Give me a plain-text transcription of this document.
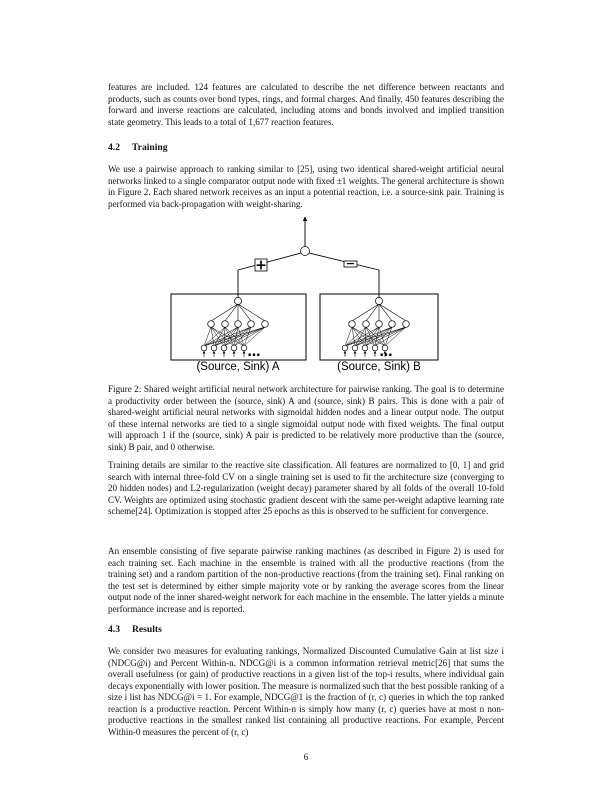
features are included. 124 features are calculated to describe the net difference between reactants and products, such as counts over bond types, rings, and formal charges. And finally, 450 features describing the forward and inverse reactions are calculated, including atoms and bonds involved and implied transition state geometry. This leads to a total of 1,677 reaction features.

4.2 Training

We use a pairwise approach to ranking similar to [25], using two identical shared-weight artificial neural networks linked to a single comparator output node with fixed ±1 weights. The general architecture is shown in Figure 2. Each shared network receives as an input a potential reaction, i.e. a source-sink pair. Training is performed via back-propagation with weight-sharing.

+	−
…	…
(Source, Sink) A	(Source, Sink) B

Figure 2: Shared weight artificial neural network architecture for pairwise ranking. The goal is to determine a productivity order between the (source, sink) A and (source, sink) B pairs. This is done with a pair of shared-weight artificial neural networks with sigmoidal hidden nodes and a linear output node. The output of these internal networks are tied to a single sigmoidal output node with fixed weights. The final output will approach 1 if the (source, sink) A pair is predicted to be relatively more productive than the (source, sink) B pair, and 0 otherwise.

Training details are similar to the reactive site classification. All features are normalized to [0, 1] and grid search with internal three-fold CV on a single training set is used to fit the architecture size (converging to 20 hidden nodes) and L2-regularization (weight decay) parameter shared by all folds of the overall 10-fold CV. Weights are optimized using stochastic gradient descent with the same per-weight adaptive learning rate scheme[24]. Optimization is stopped after 25 epochs as this is observed to be sufficient for convergence.

An ensemble consisting of five separate pairwise ranking machines (as described in Figure 2) is used for each training set. Each machine in the ensemble is trained with all the productive reactions (from the training set) and a random partition of the non-productive reactions (from the training set). Final ranking on the test set is determined by either simple majority vote or by ranking the average scores from the linear output node of the inner shared-weight network for each machine in the ensemble. The latter yields a minute performance increase and is reported.

4.3 Results

We consider two measures for evaluating rankings, Normalized Discounted Cumulative Gain at list size i (NDCG@i) and Percent Within-n. NDCG@i is a common information retrieval metric[26] that sums the overall usefulness (or gain) of productive reactions in a given list of the top-i results, where individual gain decays exponentially with lower position. The measure is normalized such that the best possible ranking of a size i list has NDCG@i = 1. For example, NDCG@1 is the fraction of (r, c) queries in which the top ranked reaction is a productive reaction. Percent Within-n is simply how many (r, c) queries have at most n non-productive reactions in the smallest ranked list containing all productive reactions. For example, Percent Within-0 measures the percent of (r, c)

6
